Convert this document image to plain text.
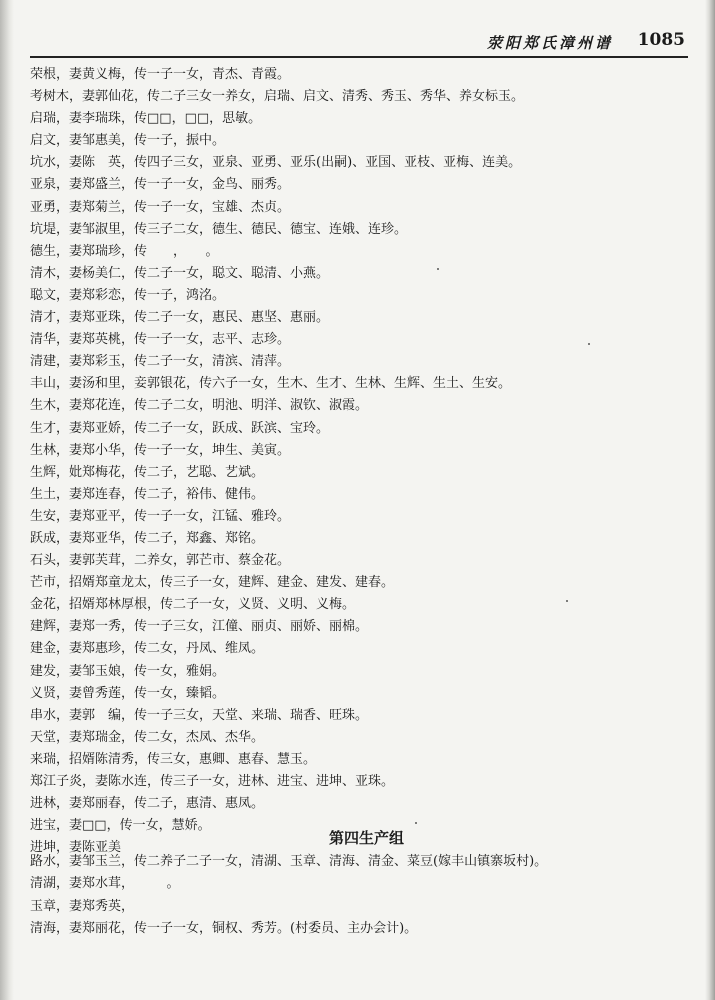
荥阳郑氏漳州谱 1085
荣根，妻黄义梅，传一子一女，青杰、青霞。
考树木，妻郭仙花，传二子三女一养女，启瑞、启文、清秀、秀玉、秀华、养女标玉。
启瑞，妻李瑞珠，传□□，□□，思敏。
启文，妻邹惠美，传一子，振中。
坑水，妻陈　英，传四子三女，亚泉、亚勇、亚乐(出嗣)、亚国、亚枝、亚梅、连美。
亚泉，妻郑盛兰，传一子一女，金鸟、丽秀。
亚勇，妻郑菊兰，传一子一女，宝雄、杰贞。
坑堤，妻邹淑里，传三子二女，德生、德民、德宝、连娥、连珍。
德生，妻郑瑞珍，传　　，　　。
清木，妻杨美仁，传二子一女，聪文、聪清、小燕。
聪文，妻郑彩恋，传一子，鸿洺。
清才，妻郑亚珠，传二子一女，惠民、惠坚、惠丽。
清华，妻郑英桃，传一子一女，志平、志珍。
清建，妻郑彩玉，传二子一女，清滨、清萍。
丰山，妻汤和里，妾郭银花，传六子一女，生木、生才、生林、生辉、生土、生安。
生木，妻郑花连，传二子二女，明池、明洋、淑钦、淑霞。
生才，妻郑亚娇，传二子一女，跃成、跃滨、宝玲。
生林，妻郑小华，传一子一女，坤生、美寅。
生辉，妣郑梅花，传二子，艺聪、艺斌。
生土，妻郑连春，传二子，裕伟、健伟。
生安，妻郑亚平，传一子一女，江锰、雅玲。
跃成，妻郑亚华，传二子，郑鑫、郑铭。
石头，妻郭芙茸，二养女，郭芒市、蔡金花。
芒市，招婿郑童龙太，传三子一女，建辉、建金、建发、建春。
金花，招婿郑林厚根，传二子一女，义贤、义明、义梅。
建辉，妻郑一秀，传一子三女，江僮、丽贞、丽娇、丽棉。
建金，妻郑惠珍，传二女，丹凤、维凤。
建发，妻邹玉娘，传一女，雅娟。
义贤，妻曾秀莲，传一女，臻韬。
串水，妻郭　编，传一子三女，天堂、来瑞、瑞香、旺珠。
天堂，妻郑瑞金，传二女，杰凤、杰华。
来瑞，招婿陈清秀，传三女，惠卿、惠春、慧玉。
郑江子炎，妻陈水连，传三子一女，进林、进宝、进坤、亚珠。
进林，妻郑丽春，传二子，惠清、惠凤。
进宝，妻□□，传一女，慧娇。
进坤，妻陈亚美
第四生产组
路水，妻邹玉兰，传二养子二子一女，清湖、玉章、清海、清金、菜豆(嫁丰山镇寨坂村)。
清湖，妻郑水茸，　　　。
玉章，妻郑秀英，
清海，妻郑丽花，传一子一女，铜权、秀芳。(村委员、主办会计)。
